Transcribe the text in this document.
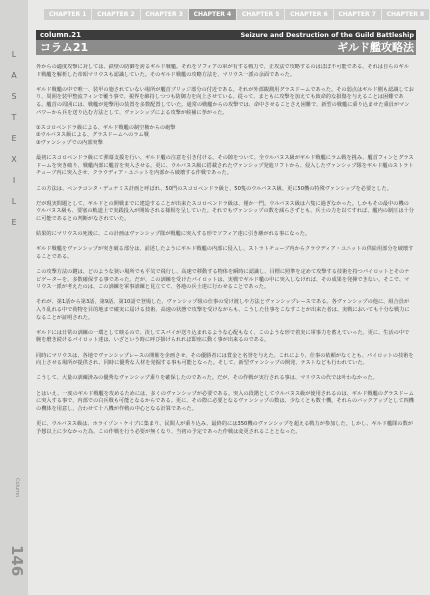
L
A
S
T
E
X
I
L
E
Column
146
CHAPTER 1	CHAPTER 2	CHAPTER 3	CHAPTER 4	CHAPTER 5	CHAPTER 6	CHAPTER 7	CHAPTER 8
column.21	Seizure and Destruction of the Guild Battleship
コラム21	ギルド艦攻略法

外からの適度攻撃に対しては、鉄壁の防御を誇るギルド戦艦。それをソフィアの軍が有する戦力で、正攻法で攻略するのはほぼ不可能である。それは自らのギルド戦艦を解析した帝昭マリウスも認識していた。そのギルド戦艦の攻略方法を、マリウス一派の余面であった。

ギルド戦艦の中で唯一、装甲の施されていない場所が艦首ブリッジ部分の付近である。それが外部観測用グラスドームであった。その弱点はギルド側も認識しており、周囲を装甲整流フィンで覆う事で、視界を維持しつつも防御力を向上させている。従って、まともに攻撃を加えても致命的な損傷を与えることは困難である。艦首の周囲には、戦艦が迎撃用の装置を多数配置していた。通常の戦艦からの攻撃では、命中させることさえ困難で、新型の戦艦に乗り込ませた乗員がマンパワーから兵を送り込む方法として、ヴァンシップによる攻撃が候補に挙がった。

①スコロペンドラ級による、ギルド戦艦の制空権からの砲撃
②ウルバヌス級による、グラスドームへのラム戦
③ヴァンシップでの内部突撃

最初にスコロペンドラ級にて弾幕支援を行い、ギルド艦の注意を引き付ける。その隙をついて、全ウルバヌス級がギルド戦艦にラム戦を挑み、艦首フィンとグラスドームを突き破り、戦艦内部に艦首を突入させる。更に、ウルバヌス級に搭載されたヴァンシップ発進リフトから、侵入したヴァンシップ隊をギルド艦のストラトチューブ内に突入させ、クラウディア・ユニットを内部から破壊する作戦であった。

この方法は、ペンテコンタ・デュナミス計画と呼ばれ、50門のスコロペンドラ級と、50隻のウルバヌス級、更に50機の特殊ヴァンシップを必要とした。

だが現実問題として、ギルドとの開戦までに建造することが出来たスコロペンドラ級は、僅か一門。ウルバヌス級は六隻に過ぎなかった。しかもその最中の機のウルバヌス級も、要塞の軌道上で実践投入が開始される様相を呈していた。それでもヴァンシップの数を減らさずとも、兵士の力を以てすれば、艦内の制圧は十分に可能であるとの判断がなされていた。

結果的にマリウスの死後に、この計画はヴァンシップ隊が戦艦に突入する形でソフィア達に引き継がれる事になった。

ギルド戦艦をヴァンシップが突き破る部分は、前述したようにギルド戦艦の内部に侵入し、ストラトチューブ内からクラウディア・ユニットの供給用部分を破壊することである。

この攻撃方法の鍵は、どのような狭い場所でも平気で飛行し、高速で移動する物体を瞬時に認識し、目標に照準を定めて攻撃する技術を持つパイロットとそのナビゲーターを、多数確保する事であった。だが、この訓練を受けたパイロットは、実戦でギルド艦の中に突入しなければ、その成果を発揮できない。そこで、マリウス一派が考えたのは、この訓練を軍事訓練と見立てて、各地の兵士達に行わせることであった。

それが、第1話から第3話、第9話、第10話で登場した、ヴァンシップ組の仕事の受け渡しや方法とヴァンシップレースである。各ヴァンシップの他に、組合員が入り乱れる中で荷物を目的地まで確実に届ける技術、高速の状態で攻撃を受けながらも、こうした仕事をこなすことが出来た者は、実戦においても十分な戦力になることが証明された。

ギルドには日常の訓練の一環として映るので、決してスパイが送り込まれるような心配もなく、このような形で着実に軍事力を蓄えていった。更に、生活の中で腕を磨き続けるパイロット達は、いざという時に呼び掛けられれば即座に動く事が出来るのである。

同時にマリウスは、各地でヴァンシップレースの開催を企画させ、その優勝者には賞金と名誉を与えた。これにより、仕事の依頼がなくとも、パイロットの技術を向上させる場所が提供され、同時に優秀な人材を発掘する事も可能となった。そして、新型ヴァンシップの開発、テストなども行われていた。

こうして、大量の訓練済みの優秀なヴァンシップ乗りを確保したのであった。だが、その作戦が実行される事は、マリウスの代では叶わなかった。

とはいえ、一度のギルド戦艦を攻めるためには、多くのヴァンシップが必要である。突入の段階としてウルバヌス級が使用されるのは、ギルド戦艦のグラスドームに突入する事で、内部での白兵戦も可能となるからである。更に、その際に必要となるヴァンシップの数は、少なくとも数十機。それらのバックアップとして四機の機体を用意し、合わせて十八機が作戦の中心となる計算であった。

更に、ウルバヌス級は、ホライゾン・ケイブに集まり、民間人が乗り込み、最終的には350機のヴァンシップを超える戦力が参加した。しかし、ギルド艦隊の数が予想以上に少なかった為、この作戦を行う必要が無くなり、当初の予定であった作戦は変更されることとなった。
